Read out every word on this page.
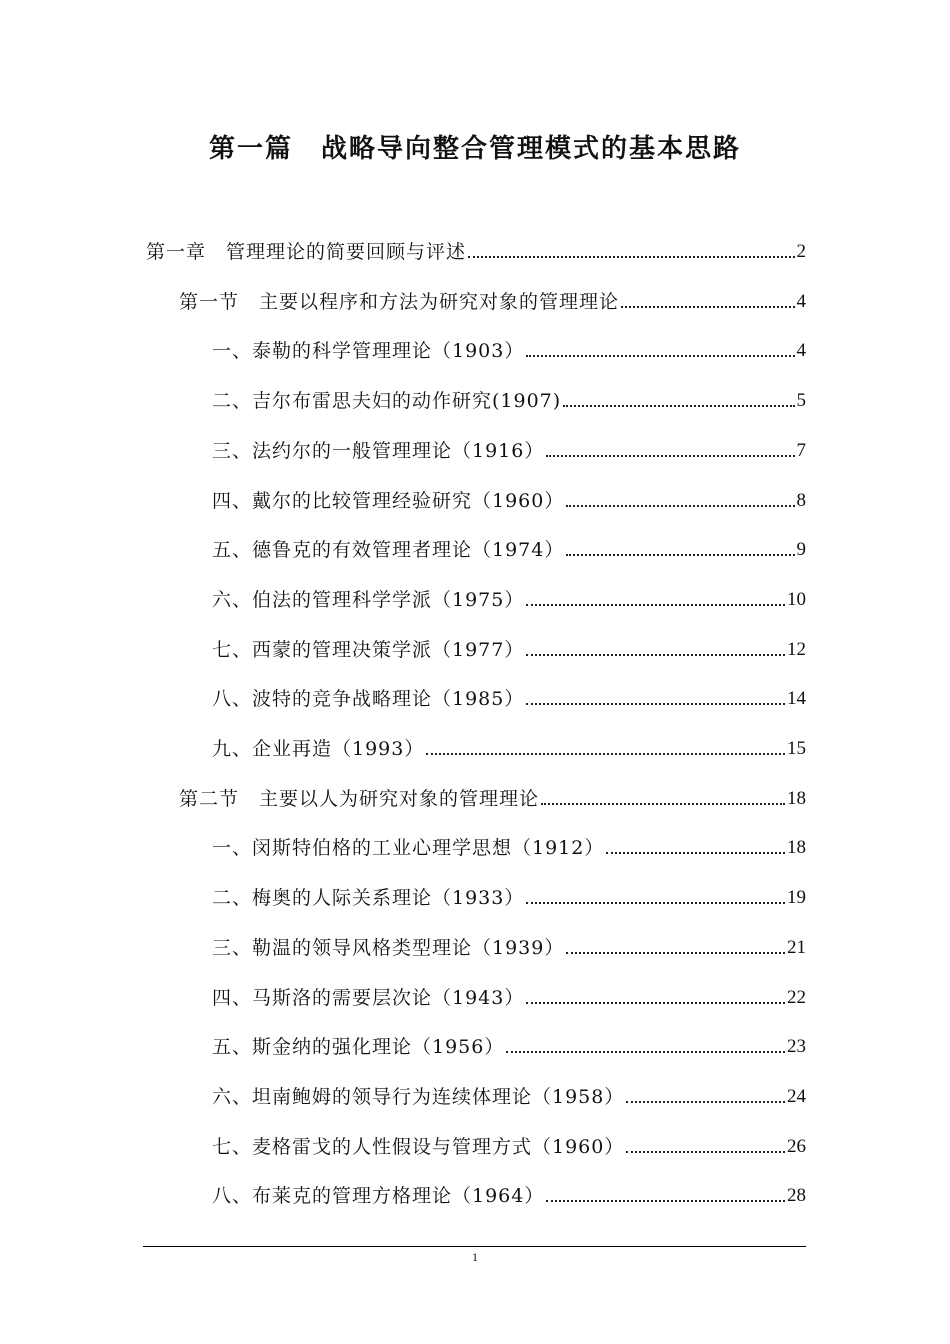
第一篇　战略导向整合管理模式的基本思路
第一章　管理理论的简要回顾与评述	2
第一节　主要以程序和方法为研究对象的管理理论	4
一、泰勒的科学管理理论（1903）	4
二、吉尔布雷思夫妇的动作研究(1907)	5
三、法约尔的一般管理理论（1916）	7
四、戴尔的比较管理经验研究（1960）	8
五、德鲁克的有效管理者理论（1974）	9
六、伯法的管理科学学派（1975）	10
七、西蒙的管理决策学派（1977）	12
八、波特的竞争战略理论（1985）	14
九、企业再造（1993）	15
第二节　主要以人为研究对象的管理理论	18
一、闵斯特伯格的工业心理学思想（1912）	18
二、梅奥的人际关系理论（1933）	19
三、勒温的领导风格类型理论（1939）	21
四、马斯洛的需要层次论（1943）	22
五、斯金纳的强化理论（1956）	23
六、坦南鲍姆的领导行为连续体理论（1958）	24
七、麦格雷戈的人性假设与管理方式（1960）	26
八、布莱克的管理方格理论（1964）	28
1
